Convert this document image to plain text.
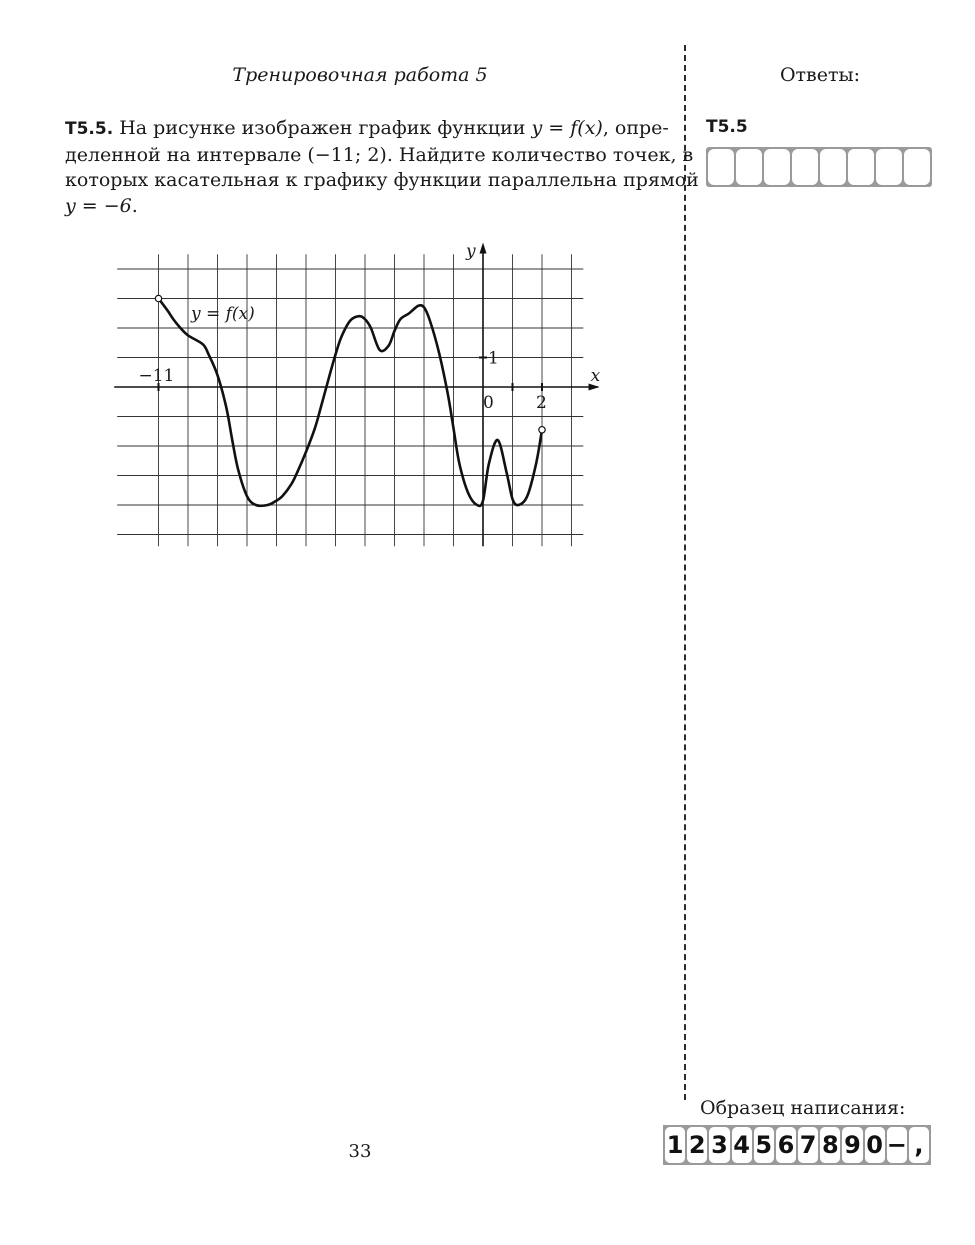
Тренировочная работа 5	Ответы:

Т5.5. На рисунке изображен график функции y = f(x), опре-

деленной на интервале (−11; 2). Найдите количество точек, в

которых касательная к графику функции параллельна прямой

y = −6.

x
y
0 2
−11
1
y = f(x)
Т5.5
Образец написания:
1 2 3 4 5 6 7 8 9 0 − ,
33
